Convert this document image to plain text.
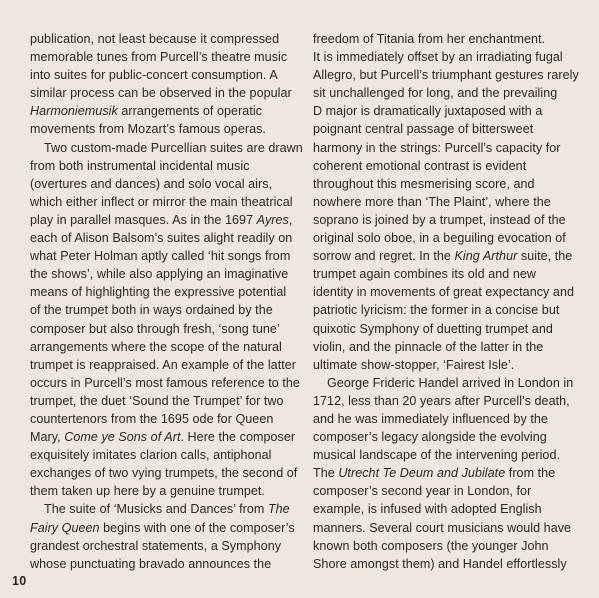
publication, not least because it compressed
memorable tunes from Purcell’s theatre music
into suites for public-concert consumption. A
similar process can be observed in the popular
Harmoniemusik arrangements of operatic
movements from Mozart’s famous operas.
Two custom-made Purcellian suites are drawn
from both instrumental incidental music
(overtures and dances) and solo vocal airs,
which either inflect or mirror the main theatrical
play in parallel masques. As in the 1697 Ayres,
each of Alison Balsom’s suites alight readily on
what Peter Holman aptly called ‘hit songs from
the shows’, while also applying an imaginative
means of highlighting the expressive potential
of the trumpet both in ways ordained by the
composer but also through fresh, ‘song tune’
arrangements where the scope of the natural
trumpet is reappraised. An example of the latter
occurs in Purcell’s most famous reference to the
trumpet, the duet ‘Sound the Trumpet’ for two
countertenors from the 1695 ode for Queen
Mary, Come ye Sons of Art. Here the composer
exquisitely imitates clarion calls, antiphonal
exchanges of two vying trumpets, the second of
them taken up here by a genuine trumpet.
The suite of ‘Musicks and Dances’ from The
Fairy Queen begins with one of the composer’s
grandest orchestral statements, a Symphony
whose punctuating bravado announces the
freedom of Titania from her enchantment.
It is immediately offset by an irradiating fugal
Allegro, but Purcell’s triumphant gestures rarely
sit unchallenged for long, and the prevailing
D major is dramatically juxtaposed with a
poignant central passage of bittersweet
harmony in the strings: Purcell’s capacity for
coherent emotional contrast is evident
throughout this mesmerising score, and
nowhere more than ‘The Plaint’, where the
soprano is joined by a trumpet, instead of the
original solo oboe, in a beguiling evocation of
sorrow and regret. In the King Arthur suite, the
trumpet again combines its old and new
identity in movements of great expectancy and
patriotic lyricism: the former in a concise but
quixotic Symphony of duetting trumpet and
violin, and the pinnacle of the latter in the
ultimate show-stopper, ‘Fairest Isle’.
George Frideric Handel arrived in London in
1712, less than 20 years after Purcell’s death,
and he was immediately influenced by the
composer’s legacy alongside the evolving
musical landscape of the intervening period.
The Utrecht Te Deum and Jubilate from the
composer’s second year in London, for
example, is infused with adopted English
manners. Several court musicians would have
known both composers (the younger John
Shore amongst them) and Handel effortlessly
10
